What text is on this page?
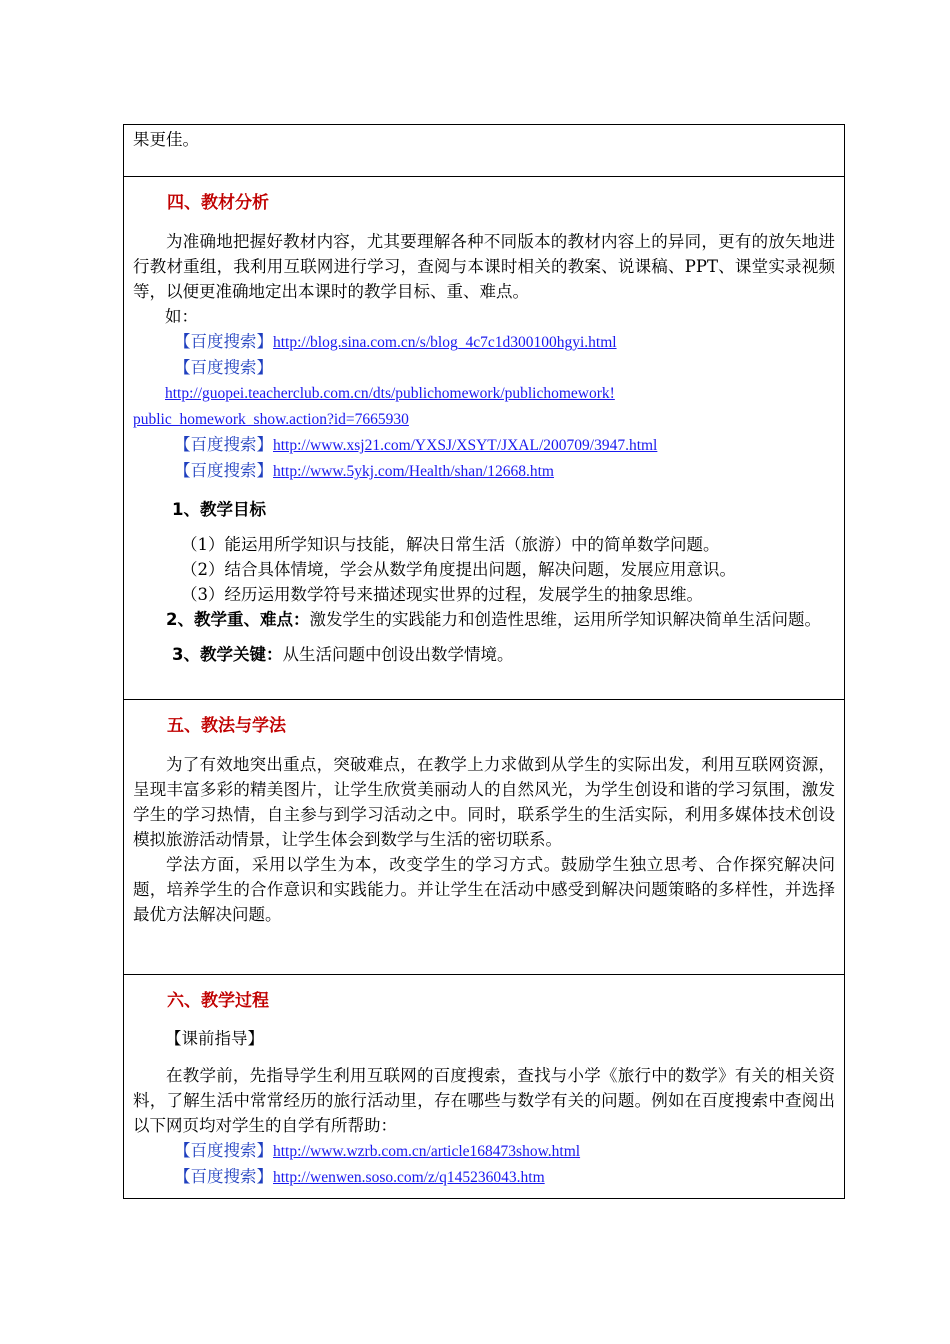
果更佳。
四、教材分析
为准确地把握好教材内容，尤其要理解各种不同版本的教材内容上的异同，更有的放矢地进行教材重组，我利用互联网进行学习，查阅与本课时相关的教案、说课稿、PPT、课堂实录视频等，以便更准确地定出本课时的教学目标、重、难点。
如：
【百度搜索】http://blog.sina.com.cn/s/blog_4c7c1d300100hgyi.html
【百度搜索】
http://guopei.teacherclub.com.cn/dts/publichomework/publichomework!
public_homework_show.action?id=7665930
【百度搜索】http://www.xsj21.com/YXSJ/XSYT/JXAL/200709/3947.html
【百度搜索】http://www.5ykj.com/Health/shan/12668.htm
1、教学目标
（1）能运用所学知识与技能，解决日常生活（旅游）中的简单数学问题。
（2）结合具体情境，学会从数学角度提出问题，解决问题，发展应用意识。
（3）经历运用数学符号来描述现实世界的过程，发展学生的抽象思维。
2、教学重、难点：激发学生的实践能力和创造性思维，运用所学知识解决简单生活问题。
3、教学关键：从生活问题中创设出数学情境。
五、教法与学法
为了有效地突出重点，突破难点，在教学上力求做到从学生的实际出发，利用互联网资源，呈现丰富多彩的精美图片，让学生欣赏美丽动人的自然风光，为学生创设和谐的学习氛围，激发学生的学习热情，自主参与到学习活动之中。同时，联系学生的生活实际，利用多媒体技术创设模拟旅游活动情景，让学生体会到数学与生活的密切联系。
学法方面，采用以学生为本，改变学生的学习方式。鼓励学生独立思考、合作探究解决问题，培养学生的合作意识和实践能力。并让学生在活动中感受到解决问题策略的多样性，并选择最优方法解决问题。
六、教学过程
【课前指导】
在教学前，先指导学生利用互联网的百度搜索，查找与小学《旅行中的数学》有关的相关资料，了解生活中常常经历的旅行活动里，存在哪些与数学有关的问题。例如在百度搜索中查阅出以下网页均对学生的自学有所帮助：
【百度搜索】http://www.wzrb.com.cn/article168473show.html
【百度搜索】http://wenwen.soso.com/z/q145236043.htm
